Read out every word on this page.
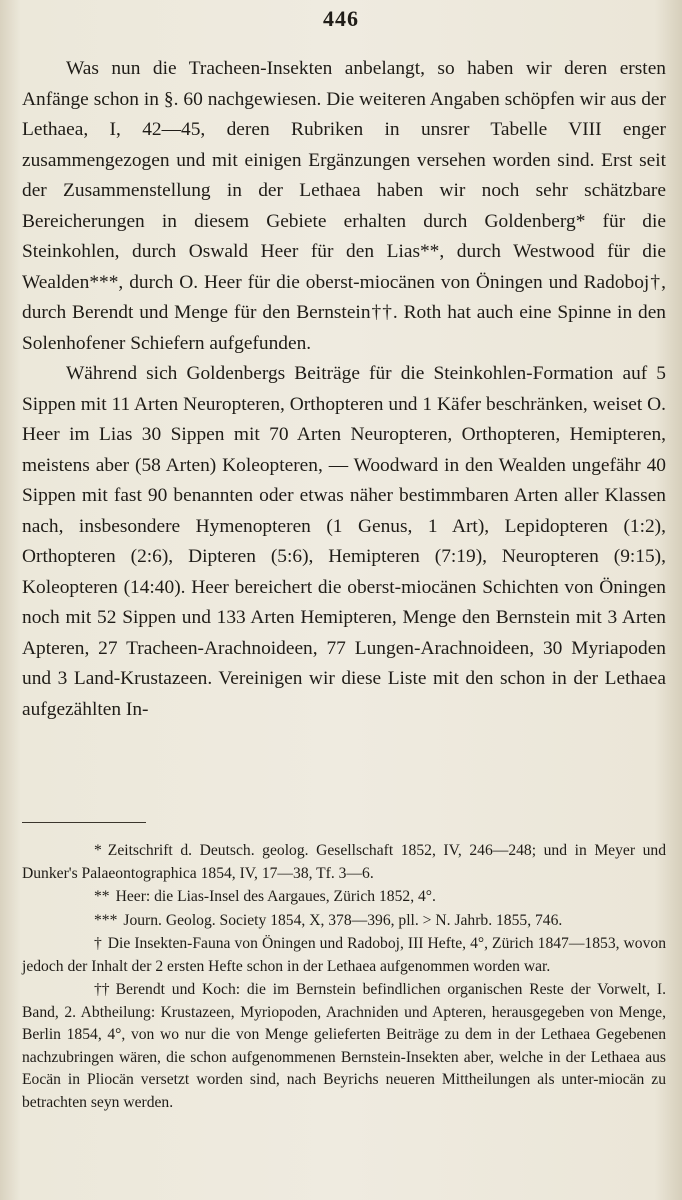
446

Was nun die Tracheen-Insekten anbelangt, so haben wir deren ersten Anfänge schon in §. 60 nachgewiesen. Die weiteren Angaben schöpfen wir aus der Lethaea, I, 42—45, deren Rubriken in unsrer Tabelle VIII enger zusammengezogen und mit einigen Ergänzungen versehen worden sind. Erst seit der Zusammenstellung in der Lethaea haben wir noch sehr schätzbare Bereicherungen in diesem Gebiete erhalten durch Goldenberg* für die Steinkohlen, durch Oswald Heer für den Lias**, durch Westwood für die Wealden***, durch O. Heer für die oberst-miocänen von Öningen und Radoboj†, durch Berendt und Menge für den Bernstein††. Roth hat auch eine Spinne in den Solenhofener Schiefern aufgefunden.

Während sich Goldenbergs Beiträge für die Steinkohlen-Formation auf 5 Sippen mit 11 Arten Neuropteren, Orthopteren und 1 Käfer beschränken, weiset O. Heer im Lias 30 Sippen mit 70 Arten Neuropteren, Orthopteren, Hemipteren, meistens aber (58 Arten) Koleopteren, — Woodward in den Wealden ungefähr 40 Sippen mit fast 90 benannten oder etwas näher bestimmbaren Arten aller Klassen nach, insbesondere Hymenopteren (1 Genus, 1 Art), Lepidopteren (1:2), Orthopteren (2:6), Dipteren (5:6), Hemipteren (7:19), Neuropteren (9:15), Koleopteren (14:40). Heer bereichert die oberst-miocänen Schichten von Öningen noch mit 52 Sippen und 133 Arten Hemipteren, Menge den Bernstein mit 3 Arten Apteren, 27 Tracheen-Arachnoideen, 77 Lungen-Arachnoideen, 30 Myriapoden und 3 Land-Krustazeen. Vereinigen wir diese Liste mit den schon in der Lethaea aufgezählten In-

* Zeitschrift d. Deutsch. geolog. Gesellschaft 1852, IV, 246—248; und in Meyer und Dunker's Palaeontographica 1854, IV, 17—38, Tf. 3—6.

** Heer: die Lias-Insel des Aargaues, Zürich 1852, 4°.

*** Journ. Geolog. Society 1854, X, 378—396, pll. > N. Jahrb. 1855, 746.

† Die Insekten-Fauna von Öningen und Radoboj, III Hefte, 4°, Zürich 1847—1853, wovon jedoch der Inhalt der 2 ersten Hefte schon in der Lethaea aufgenommen worden war.

†† Berendt und Koch: die im Bernstein befindlichen organischen Reste der Vorwelt, I. Band, 2. Abtheilung: Krustazeen, Myriopoden, Arachniden und Apteren, herausgegeben von Menge, Berlin 1854, 4°, von wo nur die von Menge gelieferten Beiträge zu dem in der Lethaea Gegebenen nachzubringen wären, die schon aufgenommenen Bernstein-Insekten aber, welche in der Lethaea aus Eocän in Pliocän versetzt worden sind, nach Beyrichs neueren Mittheilungen als unter-miocän zu betrachten seyn werden.
